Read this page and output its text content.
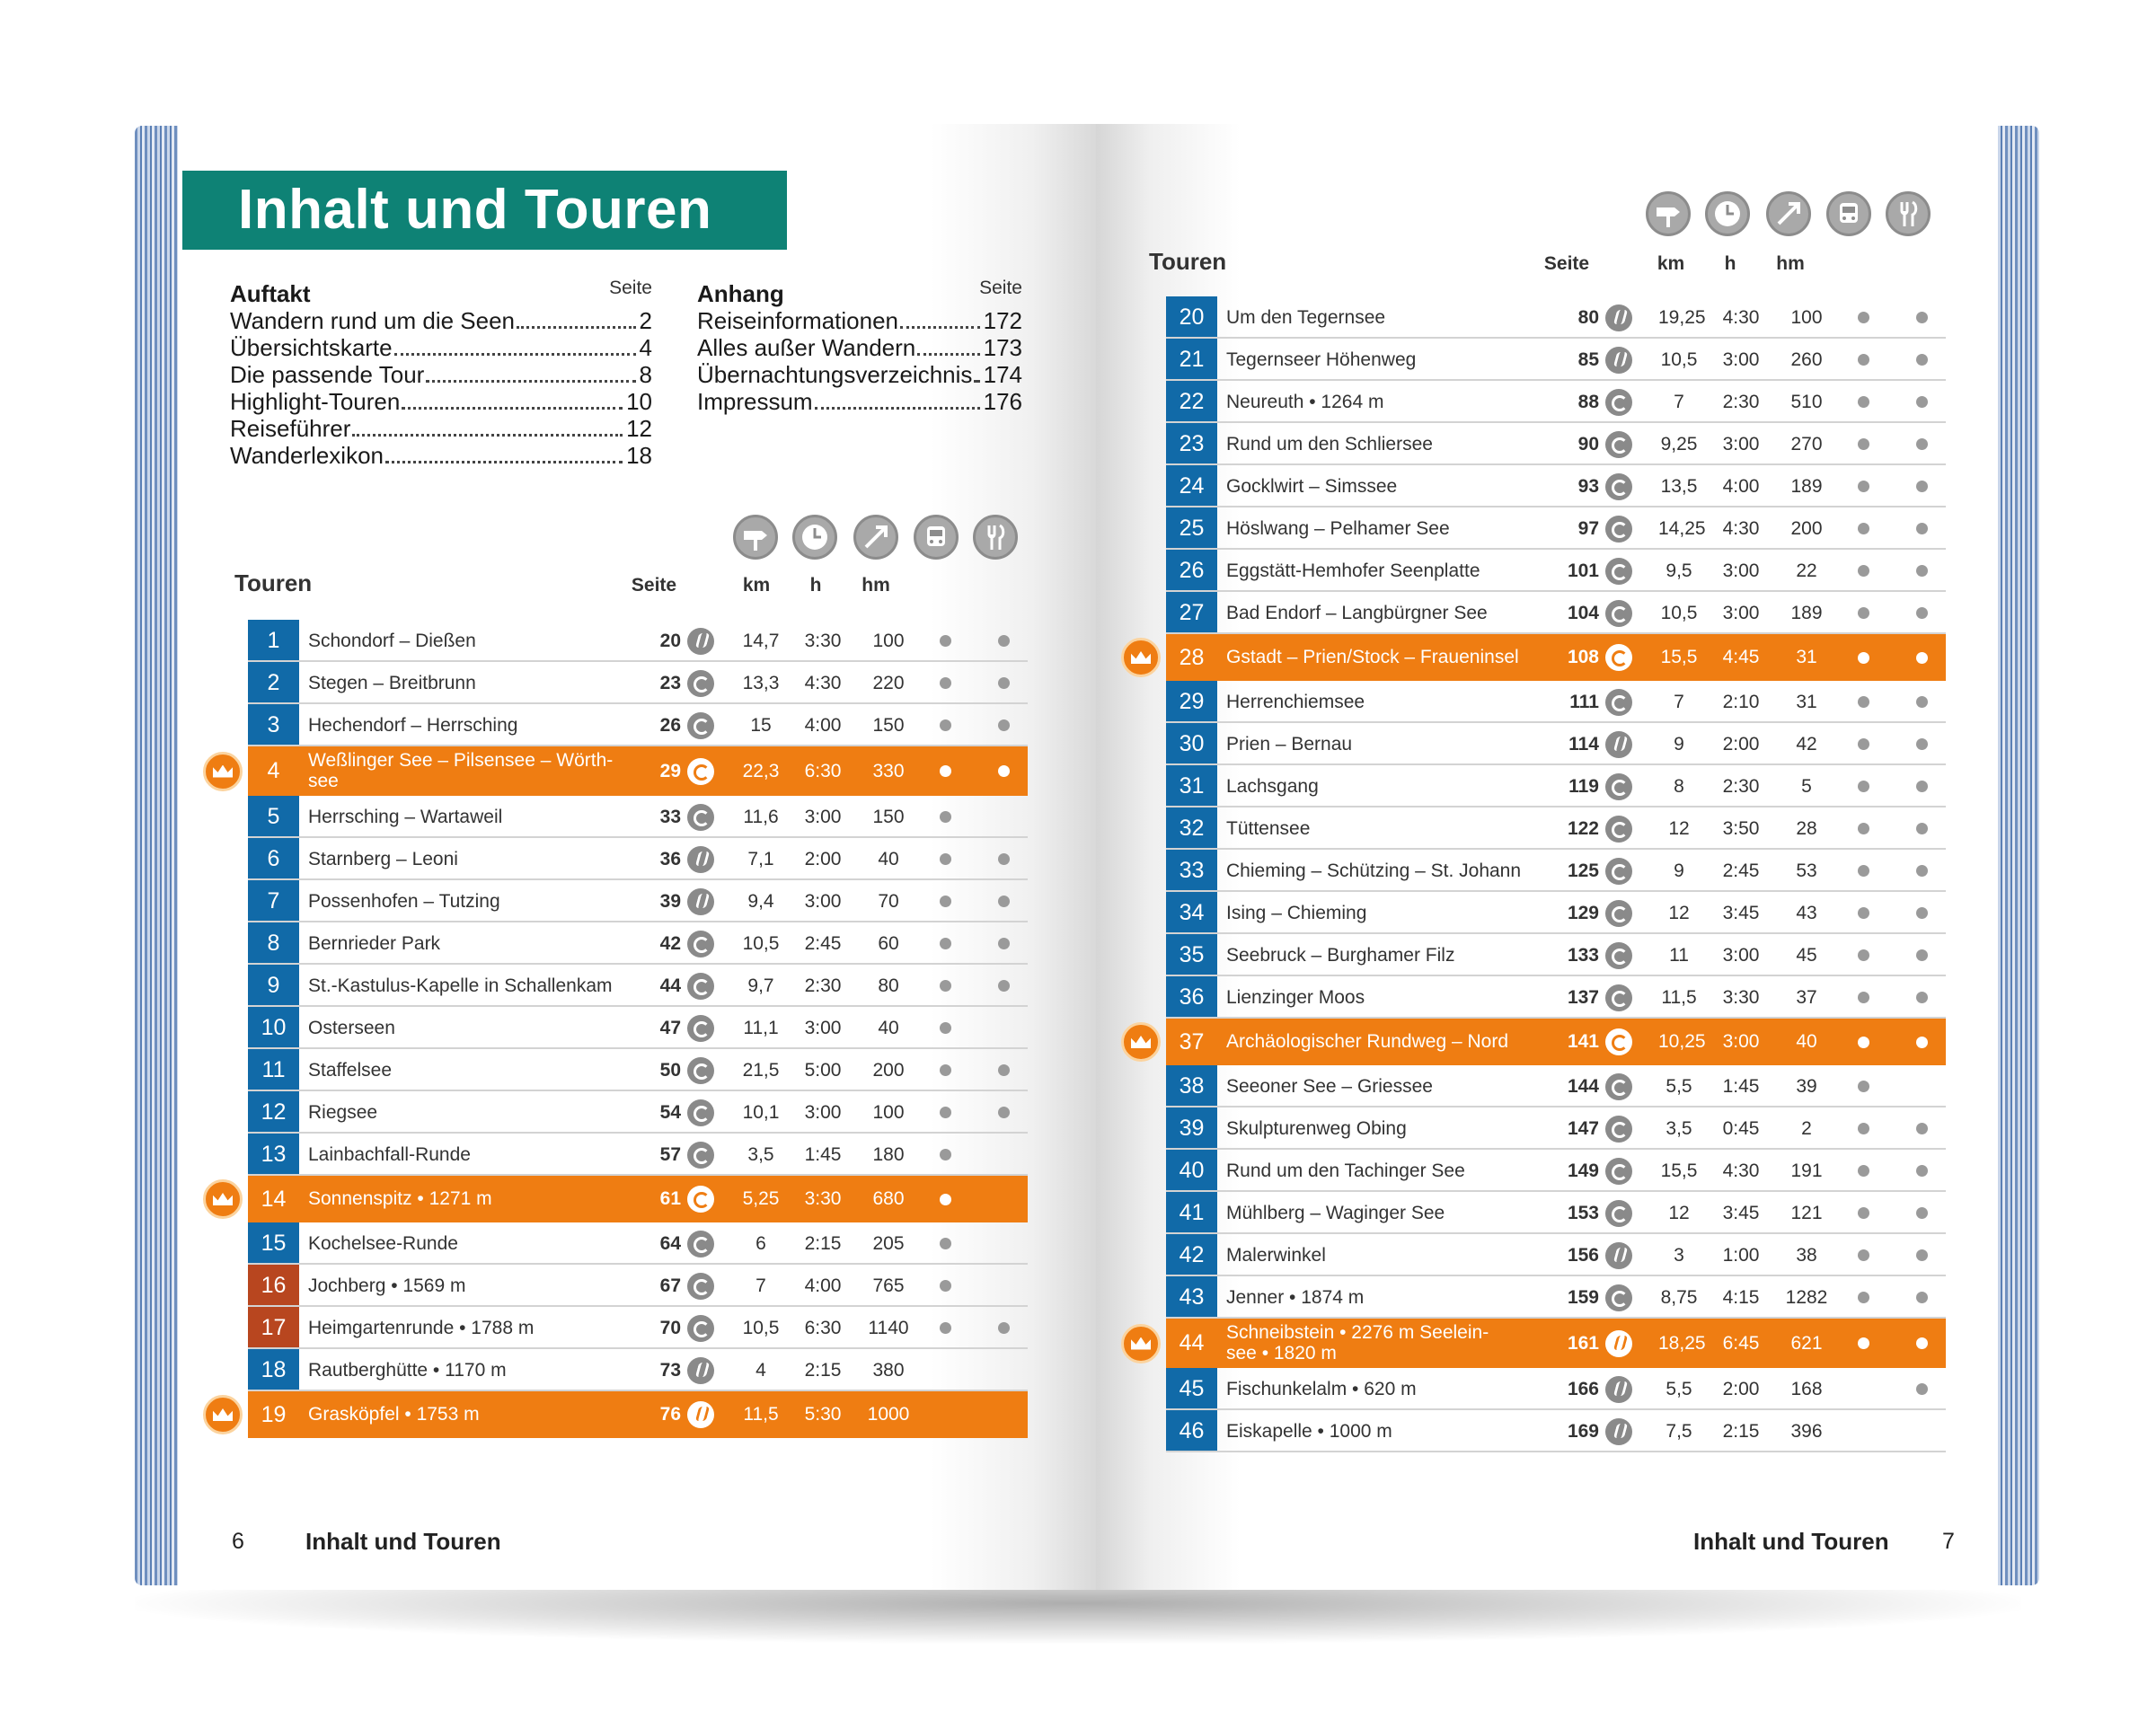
Inhalt und Touren
Auftakt	Seite
Wandern rund um die Seen	2
Übersichtskarte	4
Die passende Tour	8
Highlight-Touren	10
Reiseführer	12
Wanderlexikon	18
Anhang	Seite
Reiseinformationen	172
Alles außer Wandern	173
Übernachtungsverzeichnis 174
Impressum	176
Touren	Seite	km	h	hm
Touren	Seite	km	h	hm
1	Schondorf – Dießen	20	14,7 3:30	100
2	Stegen – Breitbrunn	23	13,3 4:30	220
3	Hechendorf – Herrsching	26	15	4:00	150
4	Weßlinger See – Pilsensee – Wörth-
see	29	22,3 6:30	330
5	Herrsching – Wartaweil	33	11,6 3:00	150
6	Starnberg – Leoni	36	7,1	2:00	40
7	Possenhofen – Tutzing	39	9,4	3:00	70
8	Bernrieder Park	42	10,5 2:45	60
9	St.-Kastulus-Kapelle in Schallenkam	44	9,7	2:30	80
10	Osterseen	47	11,1 3:00	40
11	Staffelsee	50	21,5 5:00	200
12	Riegsee	54	10,1 3:00	100
13	Lainbachfall-Runde	57	3,5	1:45	180
14	Sonnenspitz • 1271 m	61	5,25 3:30	680
15	Kochelsee-Runde	64	6	2:15	205
16	Jochberg • 1569 m	67	7	4:00	765
17	Heimgartenrunde • 1788 m	70	10,5 6:30 1140
18	Rautberghütte • 1170 m	73	4	2:15	380
19	Grasköpfel • 1753 m	76	11,5 5:30 1000
20	Um den Tegernsee	80	19,25 4:30	100
21	Tegernseer Höhenweg	85	10,5 3:00	260
22	Neureuth • 1264 m	88	7	2:30	510
23	Rund um den Schliersee	90	9,25 3:00	270
24	Gocklwirt – Simssee	93	13,5 4:00	189
25	Höslwang – Pelhamer See	97	14,25 4:30	200
26	Eggstätt-Hemhofer Seenplatte	101	9,5	3:00	22
27	Bad Endorf – Langbürgner See	104	10,5 3:00	189
28	Gstadt – Prien/Stock – Fraueninsel	108	15,5 4:45	31
29	Herrenchiemsee	111	7	2:10	31
30	Prien – Bernau	114	9	2:00	42
31	Lachsgang	119	8	2:30	5
32	Tüttensee	122	12	3:50	28
33	Chieming – Schützing – St. Johann	125	9	2:45	53
34	Ising – Chieming	129	12	3:45	43
35	Seebruck – Burghamer Filz	133	11	3:00	45
36	Lienzinger Moos	137	11,5 3:30	37
37	Archäologischer Rundweg – Nord	141	10,25 3:00	40
38	Seeoner See – Griessee	144	5,5	1:45	39
39	Skulpturenweg Obing	147	3,5	0:45	2
40	Rund um den Tachinger See	149	15,5 4:30	191
41	Mühlberg – Waginger See	153	12	3:45	121
42	Malerwinkel	156	3	1:00	38
43	Jenner • 1874 m	159	8,75 4:15 1282
44	Schneibstein • 2276 m Seelein-
see • 1820 m	161	18,25 6:45	621
45	Fischunkelalm • 620 m	166	5,5	2:00	168
46	Eiskapelle • 1000 m	169	7,5	2:15	396
6	Inhalt und Touren	Inhalt und Touren 7
